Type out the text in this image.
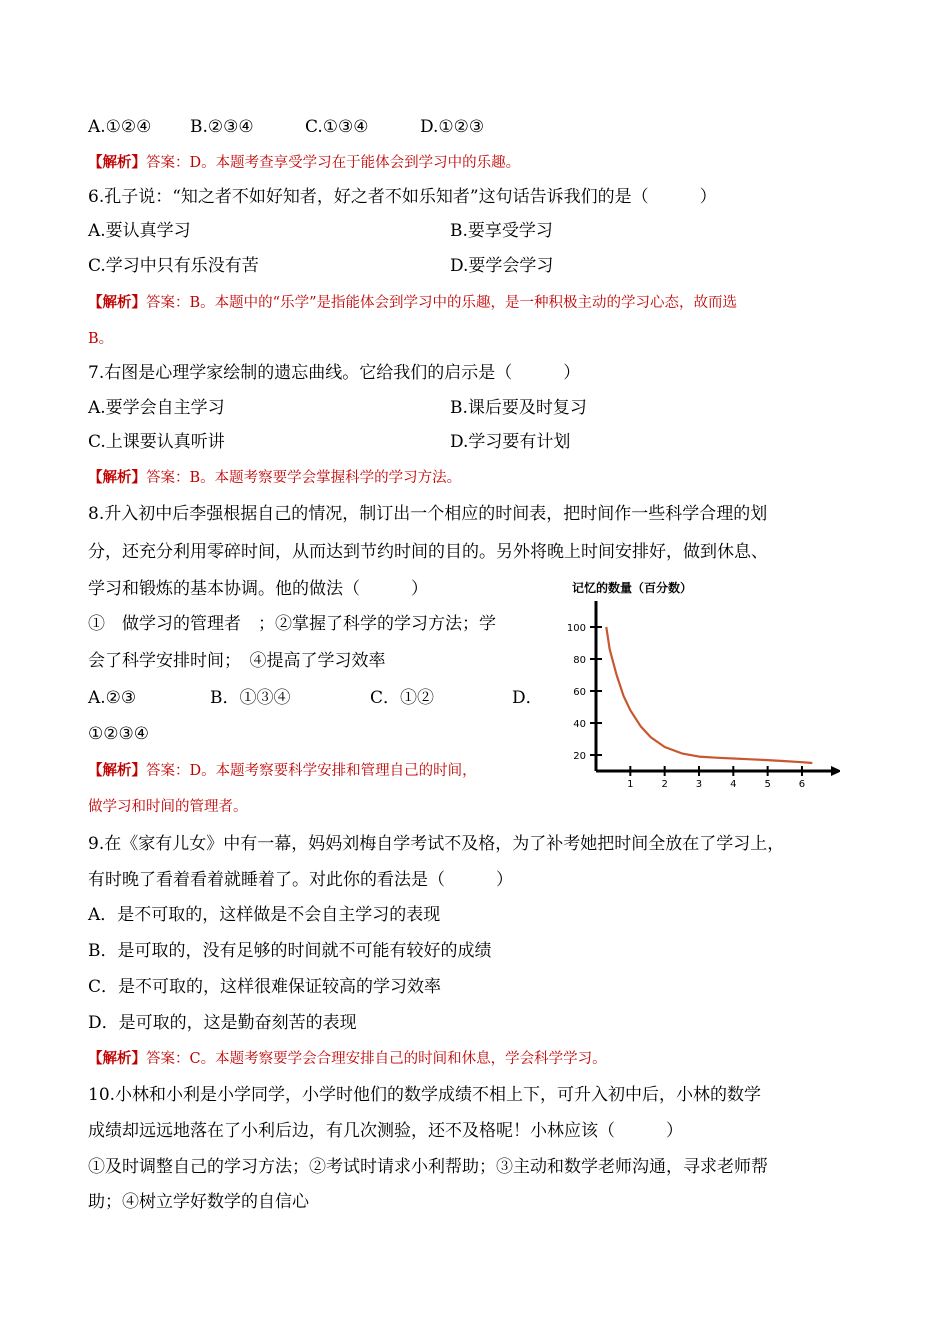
A.①②④ B.②③④	C.①③④	D.①②③
【解析】答案：D。本题考查享受学习在于能体会到学习中的乐趣。
6.孔子说：“知之者不如好知者，好之者不如乐知者”这句话告诉我们的是（　　　）
A.要认真学习	B.要享受学习
C.学习中只有乐没有苦	D.要学会学习
【解析】答案：B。本题中的“乐学”是指能体会到学习中的乐趣，是一种积极主动的学习心态，故而选
B。
7.右图是心理学家绘制的遗忘曲线。它给我们的启示是（　　　）
A.要学会自主学习	B.课后要及时复习
C.上课要认真听讲	D.学习要有计划
【解析】答案：B。本题考察要学会掌握科学的学习方法。
8.升入初中后李强根据自己的情况，制订出一个相应的时间表，把时间作一些科学合理的划
分，还充分利用零碎时间，从而达到节约时间的目的。另外将晚上时间安排好，做到休息、
学习和锻炼的基本协调。他的做法（　　　）
①　做学习的管理者　；②掌握了科学的学习方法；学
会了科学安排时间；　④提高了学习效率
A.②③	B．①③④	C．①②	D．
①②③④
【解析】答案：D。本题考察要科学安排和管理自己的时间，
做学习和时间的管理者。
记忆的数量（百分数）
1	2	3	4	5	6
20
40
60
80
100
9.在《家有儿女》中有一幕，妈妈刘梅自学考试不及格，为了补考她把时间全放在了学习上，
有时晚了看着看着就睡着了。对此你的看法是（　　　）
A．是不可取的，这样做是不会自主学习的表现
B．是可取的，没有足够的时间就不可能有较好的成绩
C．是不可取的，这样很难保证较高的学习效率
D．是可取的，这是勤奋刻苦的表现
【解析】答案：C。本题考察要学会合理安排自己的时间和休息，学会科学学习。
10.小林和小利是小学同学，小学时他们的数学成绩不相上下，可升入初中后，小林的数学
成绩却远远地落在了小利后边，有几次测验，还不及格呢！小林应该（　　　）
①及时调整自己的学习方法；②考试时请求小利帮助；③主动和数学老师沟通，寻求老师帮
助；④树立学好数学的自信心
